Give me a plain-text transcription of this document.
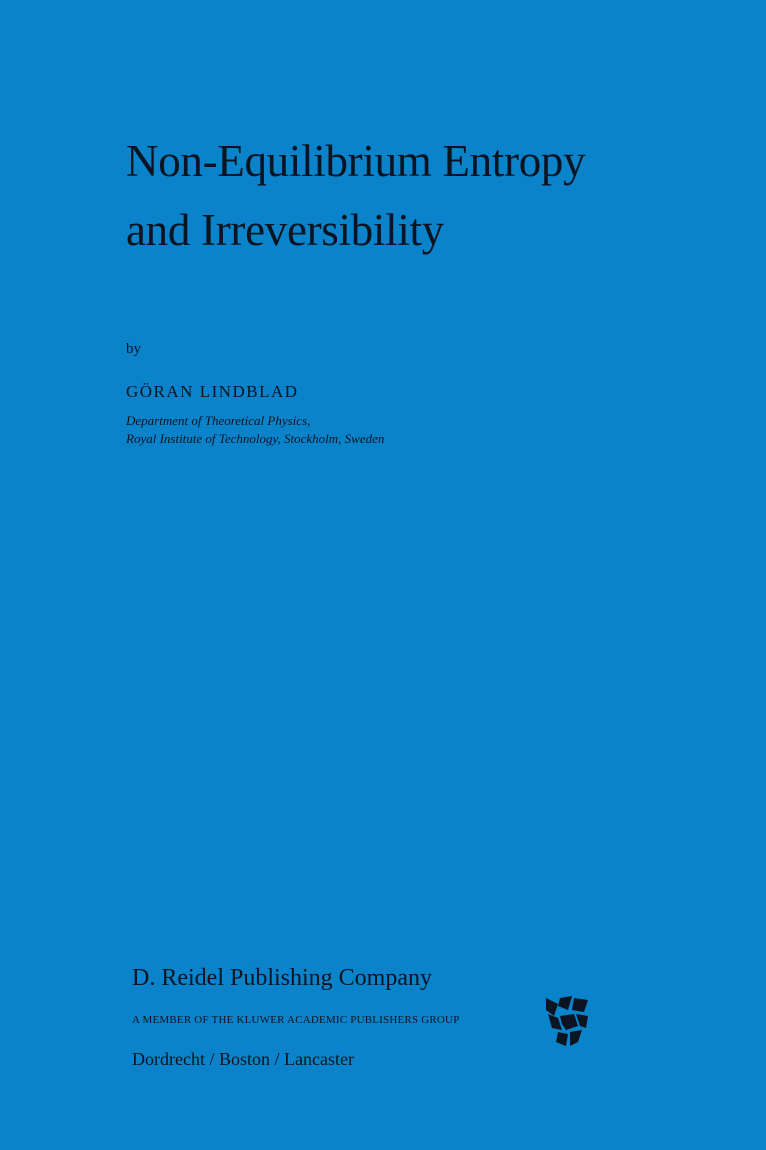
Non-Equilibrium Entropy
and Irreversibility
by
GÖRAN LINDBLAD
Department of Theoretical Physics,
Royal Institute of Technology, Stockholm, Sweden
D. Reidel Publishing Company
A MEMBER OF THE KLUWER ACADEMIC PUBLISHERS GROUP
Dordrecht / Boston / Lancaster
